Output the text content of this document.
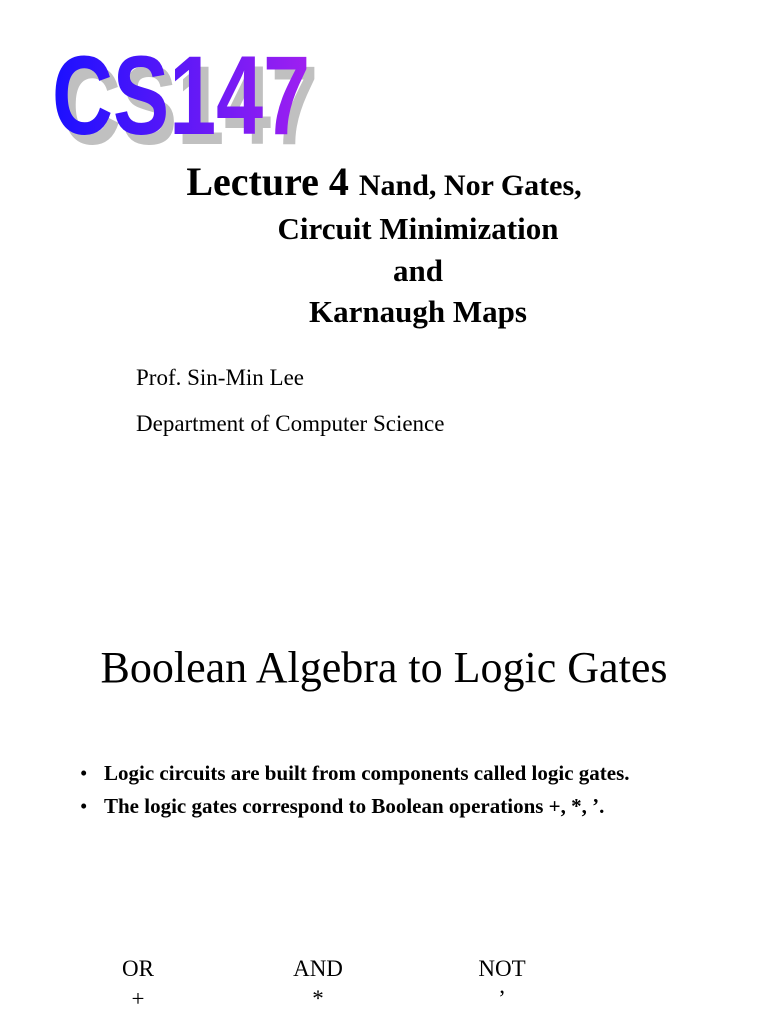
CS147
CS147
Lecture 4 Nand, Nor Gates,
Circuit Minimization
and
Karnaugh Maps
Prof. Sin-Min Lee
Department of Computer Science
Boolean Algebra to Logic Gates
• Logic circuits are built from components called logic gates.
• The logic gates correspond to Boolean operations +, *, ’.
OR
+
AND
*
NOT
’
